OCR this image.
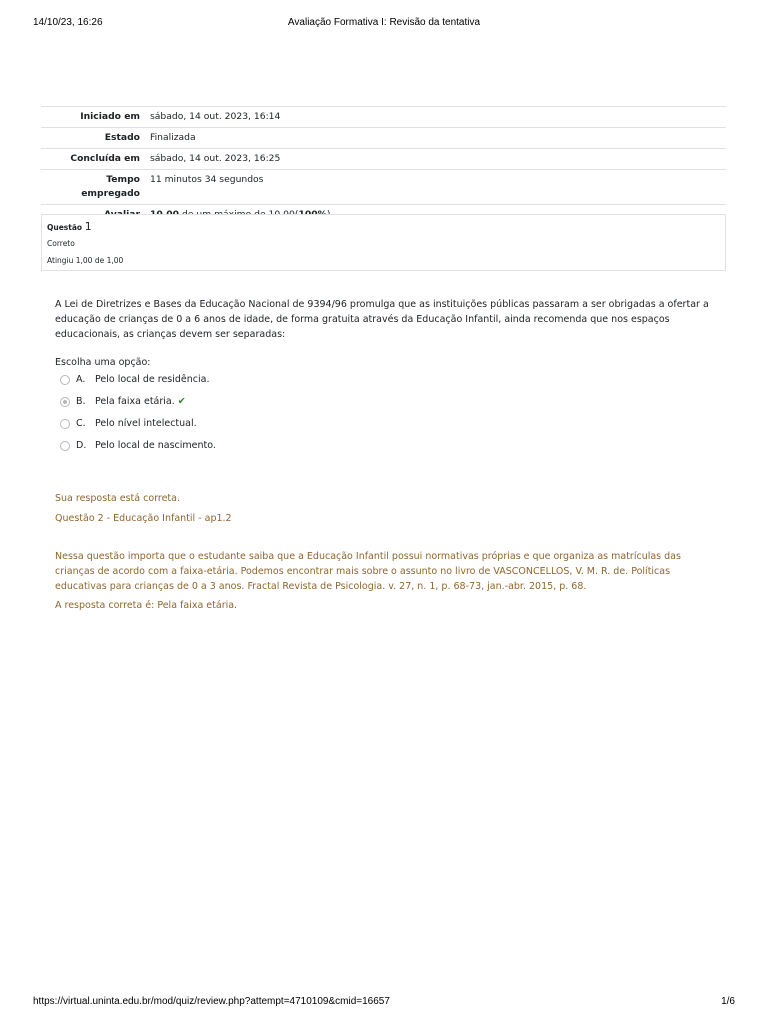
14/10/23, 16:26	Avaliação Formativa I: Revisão da tentativa
Iniciado em	sábado, 14 out. 2023, 16:14
Estado	Finalizada
Concluída em	sábado, 14 out. 2023, 16:25
Tempo empregado	11 minutos 34 segundos

Questão 1
Correto
Atingiu 1,00 de 1,00
A Lei de Diretrizes e Bases da Educação Nacional de 9394/96 promulga que as instituições públicas passaram a ser obrigadas a ofertar a educação de crianças de 0 a 6 anos de idade, de forma gratuita através da Educação Infantil, ainda recomenda que nos espaços educacionais, as crianças devem ser separadas:
Escolha uma opção:
A. Pelo local de residência.
B. Pela faixa etária. ✔
C. Pelo nível intelectual.
D. Pelo local de nascimento.
Sua resposta está correta.
Questão 2 - Educação Infantil - ap1.2
Nessa questão importa que o estudante saiba que a Educação Infantil possui normativas próprias e que organiza as matrículas das crianças de acordo com a faixa-etária. Podemos encontrar mais sobre o assunto no livro de VASCONCELLOS, V. M. R. de. Políticas educativas para crianças de 0 a 3 anos. Fractal Revista de Psicologia. v. 27, n. 1, p. 68-73, jan.-abr. 2015, p. 68.
A resposta correta é: Pela faixa etária.
https://virtual.uninta.edu.br/mod/quiz/review.php?attempt=4710109&cmid=16657	1/6
